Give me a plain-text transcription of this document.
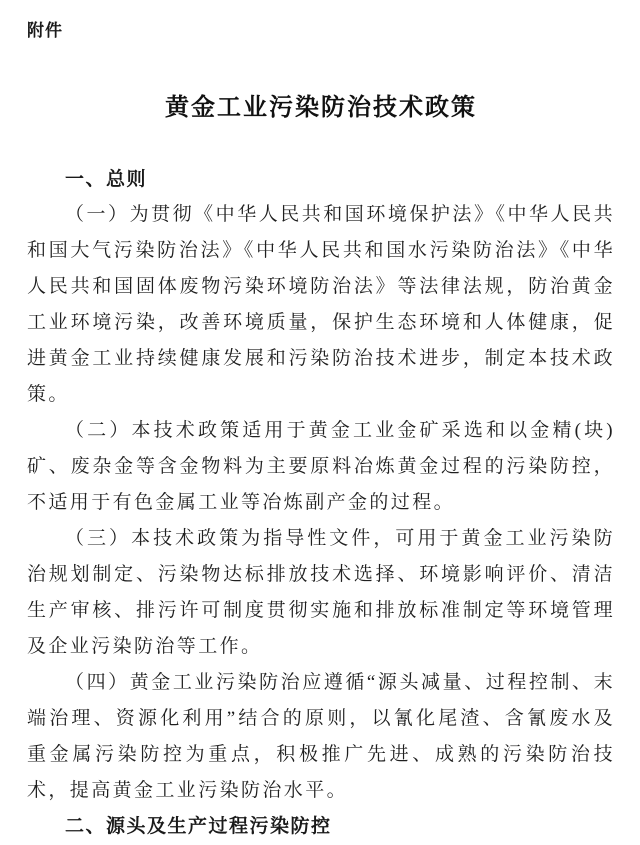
附件
黄金工业污染防治技术政策
一、总则

（一）为贯彻《中华人民共和国环境保护法》《中华人民共和国大气污染防治法》《中华人民共和国水污染防治法》《中华人民共和国固体废物污染环境防治法》等法律法规，防治黄金工业环境污染，改善环境质量，保护生态环境和人体健康，促进黄金工业持续健康发展和污染防治技术进步，制定本技术政策。

（二）本技术政策适用于黄金工业金矿采选和以金精(块)矿、废杂金等含金物料为主要原料冶炼黄金过程的污染防控，不适用于有色金属工业等冶炼副产金的过程。

（三）本技术政策为指导性文件，可用于黄金工业污染防治规划制定、污染物达标排放技术选择、环境影响评价、清洁生产审核、排污许可制度贯彻实施和排放标准制定等环境管理及企业污染防治等工作。

（四）黄金工业污染防治应遵循“源头减量、过程控制、末端治理、资源化利用”结合的原则，以氰化尾渣、含氰废水及重金属污染防控为重点，积极推广先进、成熟的污染防治技术，提高黄金工业污染防治水平。

二、源头及生产过程污染防控
